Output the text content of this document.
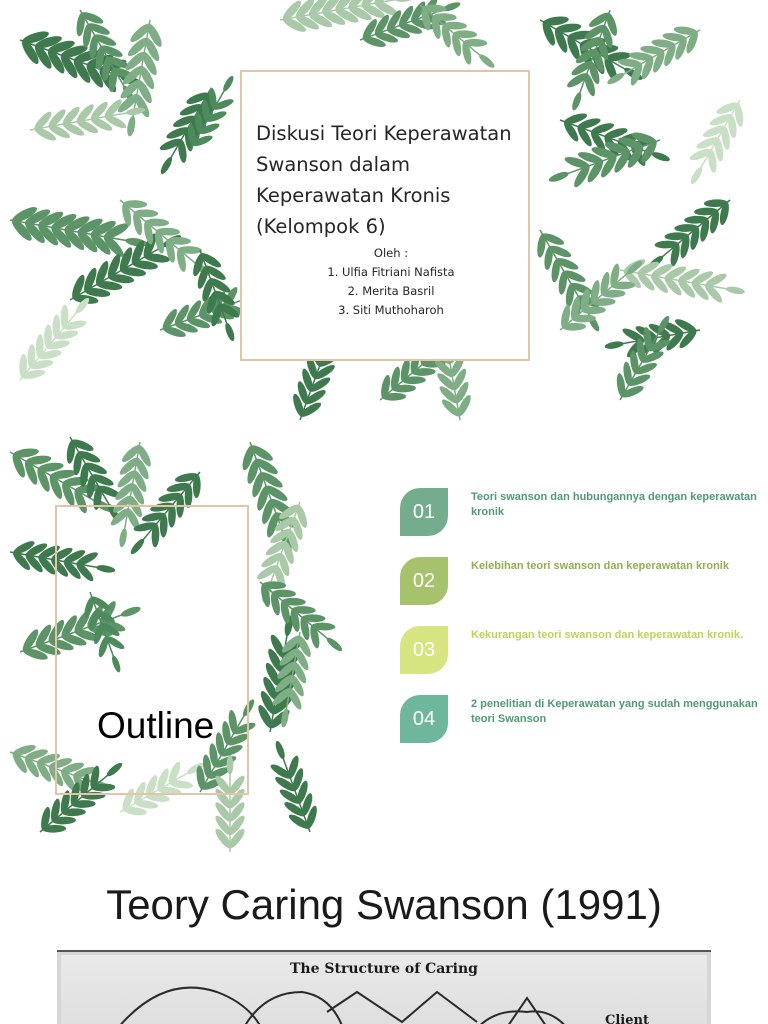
Diskusi Teori Keperawatan Swanson dalam Keperawatan Kronis (Kelompok 6)
Oleh :
1. Ulfia Fitriani Nafista
2. Merita Basril
3. Siti Muthoharoh
Outline
01
Teori swanson dan hubungannya dengan keperawatan kronik
02
Kelebihan teori swanson dan keperawatan kronik
03
Kekurangan teori swanson dan keperawatan kronik.
04
2 penelitian di Keperawatan yang sudah menggunakan teori Swanson
Teory Caring Swanson (1991)
The Structure of Caring
Client
